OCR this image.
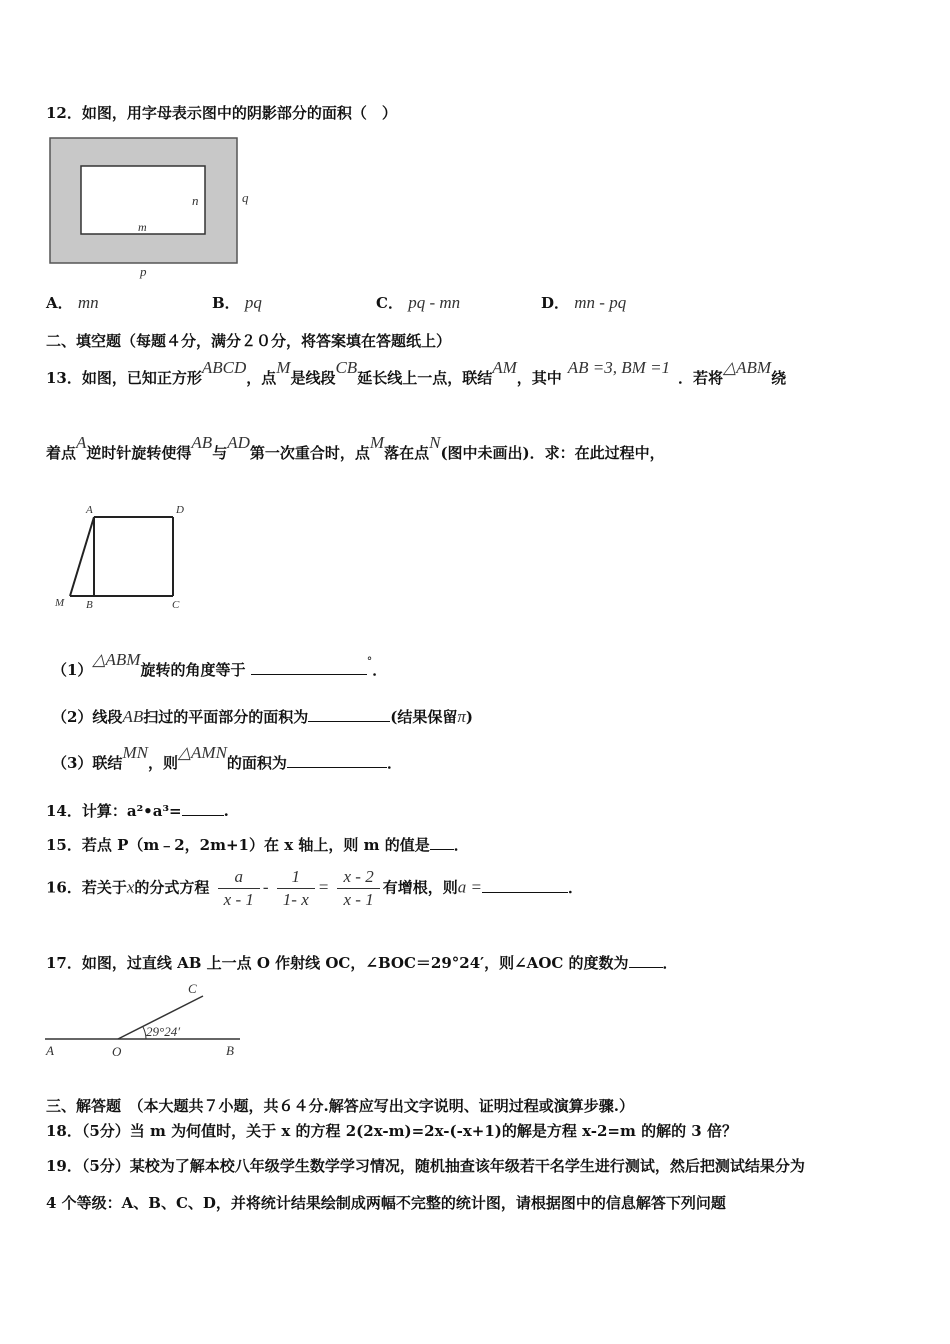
12．如图，用字母表示图中的阴影部分的面积（　）
n	q
m
p
A． mn	B． pq	C． pq - mn	D． mn - pq
二、填空题（每题４分，满分２０分，将答案填在答题纸上）
13．如图，已知正方形ABCD，点M是线段CB延长线上一点，联结AM，其中AB =3, BM =1．若将△ABM绕
着点A逆时针旋转使得AB与AD第一次重合时，点M落在点N(图中未画出)．求：在此过程中，
A	D
M B	C
（1）△ABM旋转的角度等于	°．
（2）线段AB扫过的平面部分的面积为	(结果保留π)
（3）联结MN，则△AMN的面积为	．
14．计算：a²•a³=	.
15．若点 P（m﹣2，2m+1）在 x 轴上，则 m 的值是 ．
16．若关于x的分式方程 $\frac{a}{x - 1} - \frac{1}{1- x} = \frac{x - 2}{x - 1}$ 有增根，则a =	．
17．如图，过直线 AB 上一点 O 作射线 OC，∠BOC＝29°24′，则∠AOC 的度数为 ．
C
29°24′
A	O	B
三、解答题　（本大题共７小题，共６４分.解答应写出文字说明、证明过程或演算步骤.）
18．（5分）当 m 为何值时，关于 x 的方程 2(2x-m)=2x-(-x+1)的解是方程 x-2=m 的解的 3 倍？
19．（5分）某校为了解本校八年级学生数学学习情况，随机抽查该年级若干名学生进行测试，然后把测试结果分为
4 个等级：A、B、C、D，并将统计结果绘制成两幅不完整的统计图，请根据图中的信息解答下列问题
